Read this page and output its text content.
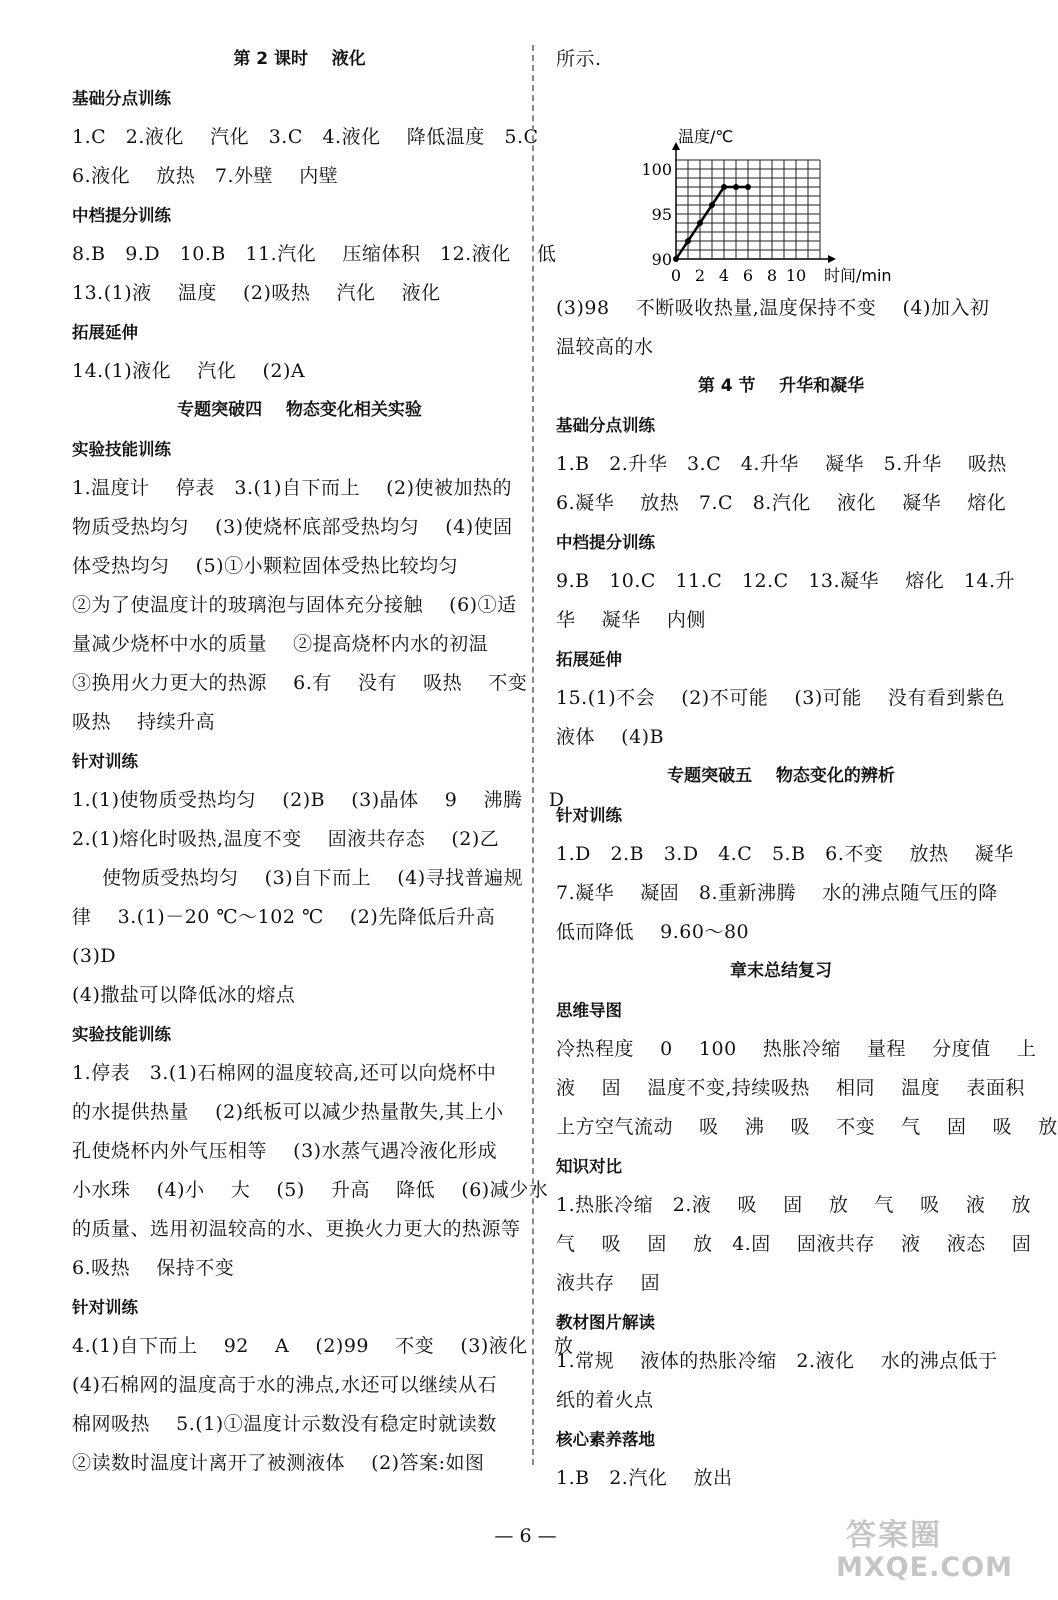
第 2 课时    液化
基础分点训练
1.C   2.液化    汽化   3.C   4.液化    降低温度   5.C
6.液化    放热   7.外壁    内壁
中档提分训练
8.B   9.D   10.B   11.汽化    压缩体积   12.液化    低
13.(1)液    温度    (2)吸热    汽化    液化
拓展延伸
14.(1)液化    汽化    (2)A
专题突破四    物态变化相关实验
实验技能训练
1.温度计    停表   3.(1)自下而上    (2)使被加热的
物质受热均匀    (3)使烧杯底部受热均匀    (4)使固
体受热均匀    (5)①小颗粒固体受热比较均匀
②为了使温度计的玻璃泡与固体充分接触    (6)①适
量减少烧杯中水的质量    ②提高烧杯内水的初温
③换用火力更大的热源    6.有    没有    吸热    不变
吸热    持续升高
针对训练
1.(1)使物质受热均匀    (2)B    (3)晶体    9    沸腾    D
2.(1)熔化时吸热,温度不变    固液共存态    (2)乙
使物质受热均匀    (3)自下而上    (4)寻找普遍规
律    3.(1)－20 ℃～102 ℃    (2)先降低后升高
(3)D
(4)撒盐可以降低冰的熔点
实验技能训练
1.停表   3.(1)石棉网的温度较高,还可以向烧杯中
的水提供热量    (2)纸板可以减少热量散失,其上小
孔使烧杯内外气压相等    (3)水蒸气遇冷液化形成
小水珠    (4)小    大    (5)    升高    降低    (6)减少水
的质量、选用初温较高的水、更换火力更大的热源等
6.吸热    保持不变
针对训练
4.(1)自下而上    92    A    (2)99    不变    (3)液化    放
(4)石棉网的温度高于水的沸点,水还可以继续从石
棉网吸热    5.(1)①温度计示数没有稳定时就读数
②读数时温度计离开了被测液体    (2)答案:如图
所示.
温度/℃
时间/min
90
95
100
0 2 4 6 8 10
(3)98    不断吸收热量,温度保持不变    (4)加入初
温较高的水
第 4 节    升华和凝华
基础分点训练
1.B   2.升华   3.C   4.升华    凝华   5.升华    吸热
6.凝华    放热   7.C   8.汽化    液化    凝华    熔化
中档提分训练
9.B   10.C   11.C   12.C   13.凝华    熔化   14.升
华    凝华    内侧
拓展延伸
15.(1)不会    (2)不可能    (3)可能    没有看到紫色
液体    (4)B
专题突破五    物态变化的辨析
针对训练
1.D   2.B   3.D   4.C   5.B   6.不变    放热    凝华
7.凝华    凝固   8.重新沸腾    水的沸点随气压的降
低而降低    9.60～80
章末总结复习
思维导图
冷热程度    0    100    热胀冷缩    量程    分度值    上
液    固    温度不变,持续吸热    相同    温度    表面积
上方空气流动    吸    沸    吸    不变    气    固    吸    放
知识对比
1.热胀冷缩   2.液    吸    固    放    气    吸    液    放
气    吸    固    放   4.固    固液共存    液    液态    固
液共存    固
教材图片解读
1.常规    液体的热胀冷缩   2.液化    水的沸点低于
纸的着火点
核心素养落地
1.B   2.汽化    放出
— 6 —	答案圈
MXQE.COM
